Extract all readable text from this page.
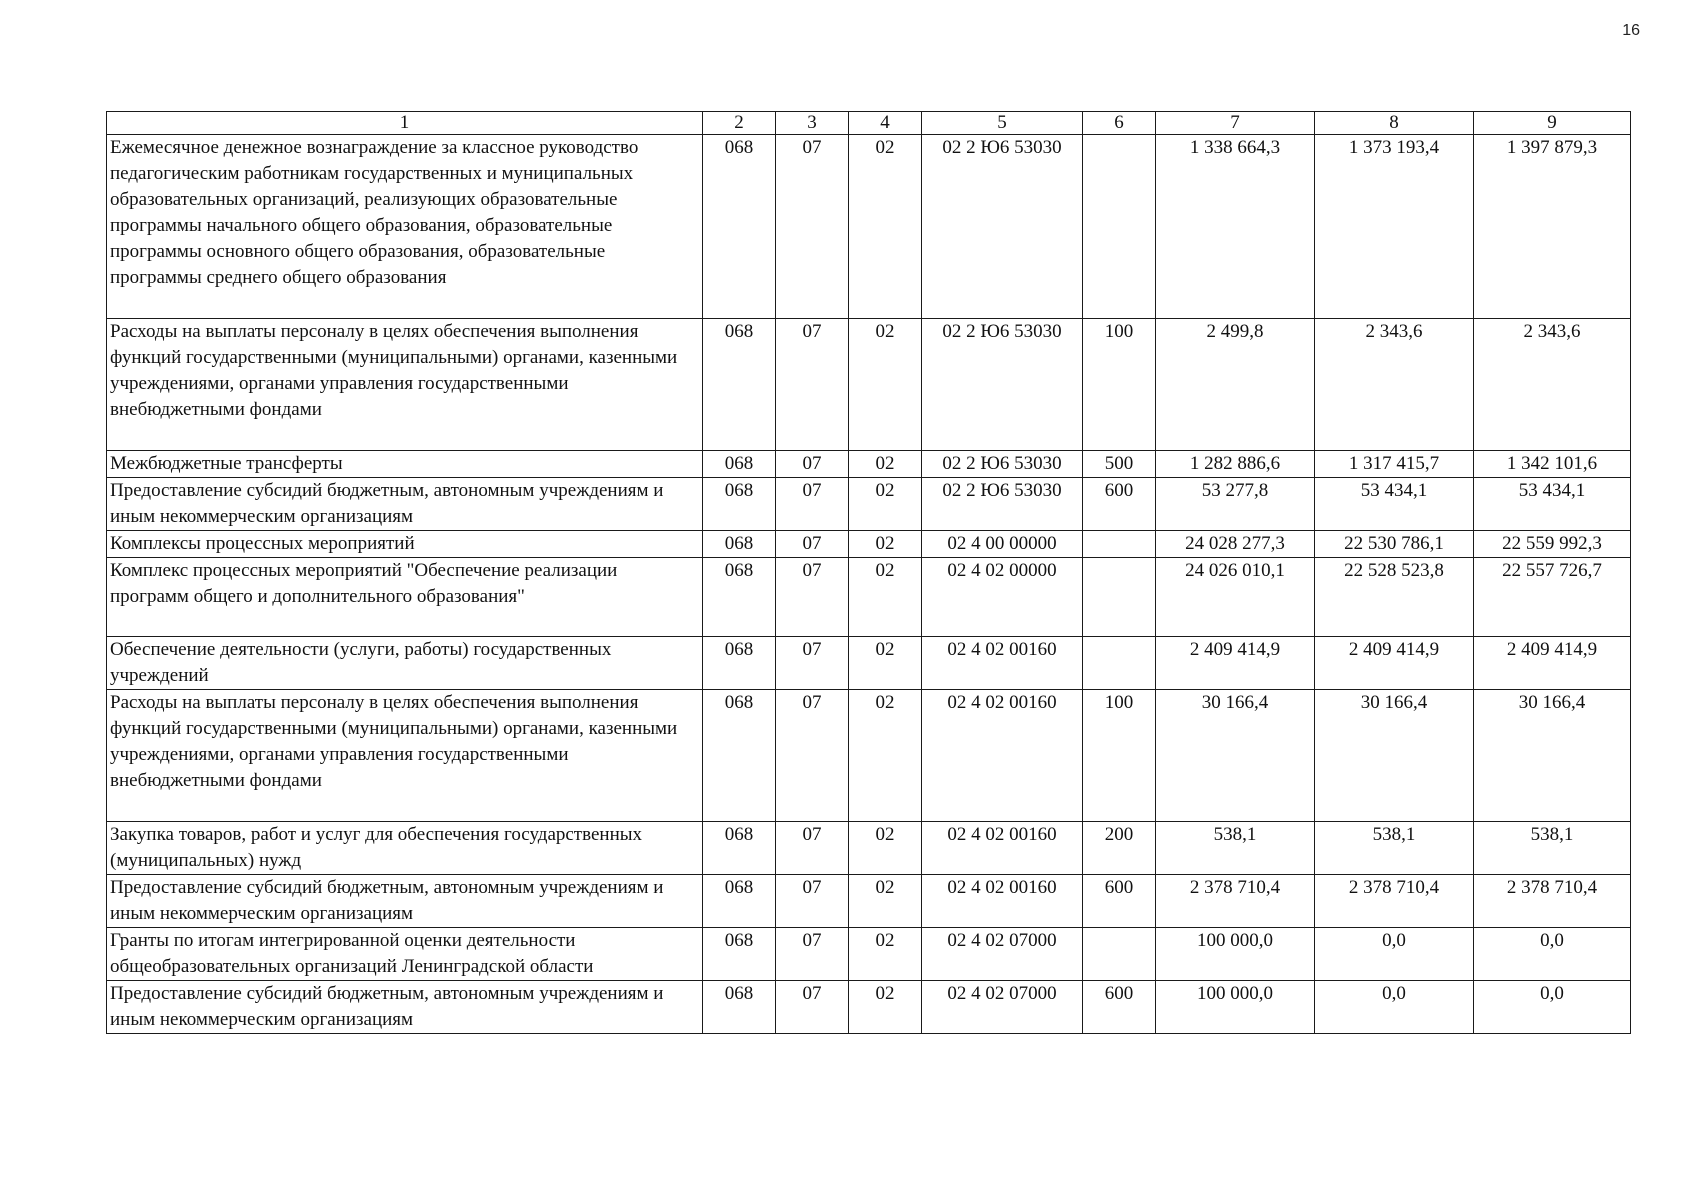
16
1	2	3	4	5	6	7	8	9
Ежемесячное денежное вознаграждение за классное руководство педагогическим работникам государственных и муниципальных образовательных организаций, реализующих образовательные программы начального общего образования, образовательные программы основного общего образования, образовательные программы среднего общего образования	068	07	02	02 2 Ю6 53030		1 338 664,3	1 373 193,4	1 397 879,3
Расходы на выплаты персоналу в целях обеспечения выполнения функций государственными (муниципальными) органами, казенными учреждениями, органами управления государственными внебюджетными фондами	068	07	02	02 2 Ю6 53030	100	2 499,8	2 343,6	2 343,6
Межбюджетные трансферты	068	07	02	02 2 Ю6 53030	500	1 282 886,6	1 317 415,7	1 342 101,6
Предоставление субсидий бюджетным, автономным учреждениям и иным некоммерческим организациям	068	07	02	02 2 Ю6 53030	600	53 277,8	53 434,1	53 434,1
Комплексы процессных мероприятий	068	07	02	02 4 00 00000		24 028 277,3	22 530 786,1	22 559 992,3
Комплекс процессных мероприятий "Обеспечение реализации программ общего и дополнительного образования"	068	07	02	02 4 02 00000		24 026 010,1	22 528 523,8	22 557 726,7
Обеспечение деятельности (услуги, работы) государственных учреждений	068	07	02	02 4 02 00160		2 409 414,9	2 409 414,9	2 409 414,9
Расходы на выплаты персоналу в целях обеспечения выполнения функций государственными (муниципальными) органами, казенными учреждениями, органами управления государственными внебюджетными фондами	068	07	02	02 4 02 00160	100	30 166,4	30 166,4	30 166,4
Закупка товаров, работ и услуг для обеспечения государственных (муниципальных) нужд	068	07	02	02 4 02 00160	200	538,1	538,1	538,1
Предоставление субсидий бюджетным, автономным учреждениям и иным некоммерческим организациям	068	07	02	02 4 02 00160	600	2 378 710,4	2 378 710,4	2 378 710,4
Гранты по итогам интегрированной оценки деятельности общеобразовательных организаций Ленинградской области	068	07	02	02 4 02 07000		100 000,0	0,0	0,0
Предоставление субсидий бюджетным, автономным учреждениям и иным некоммерческим организациям	068	07	02	02 4 02 07000	600	100 000,0	0,0	0,0
